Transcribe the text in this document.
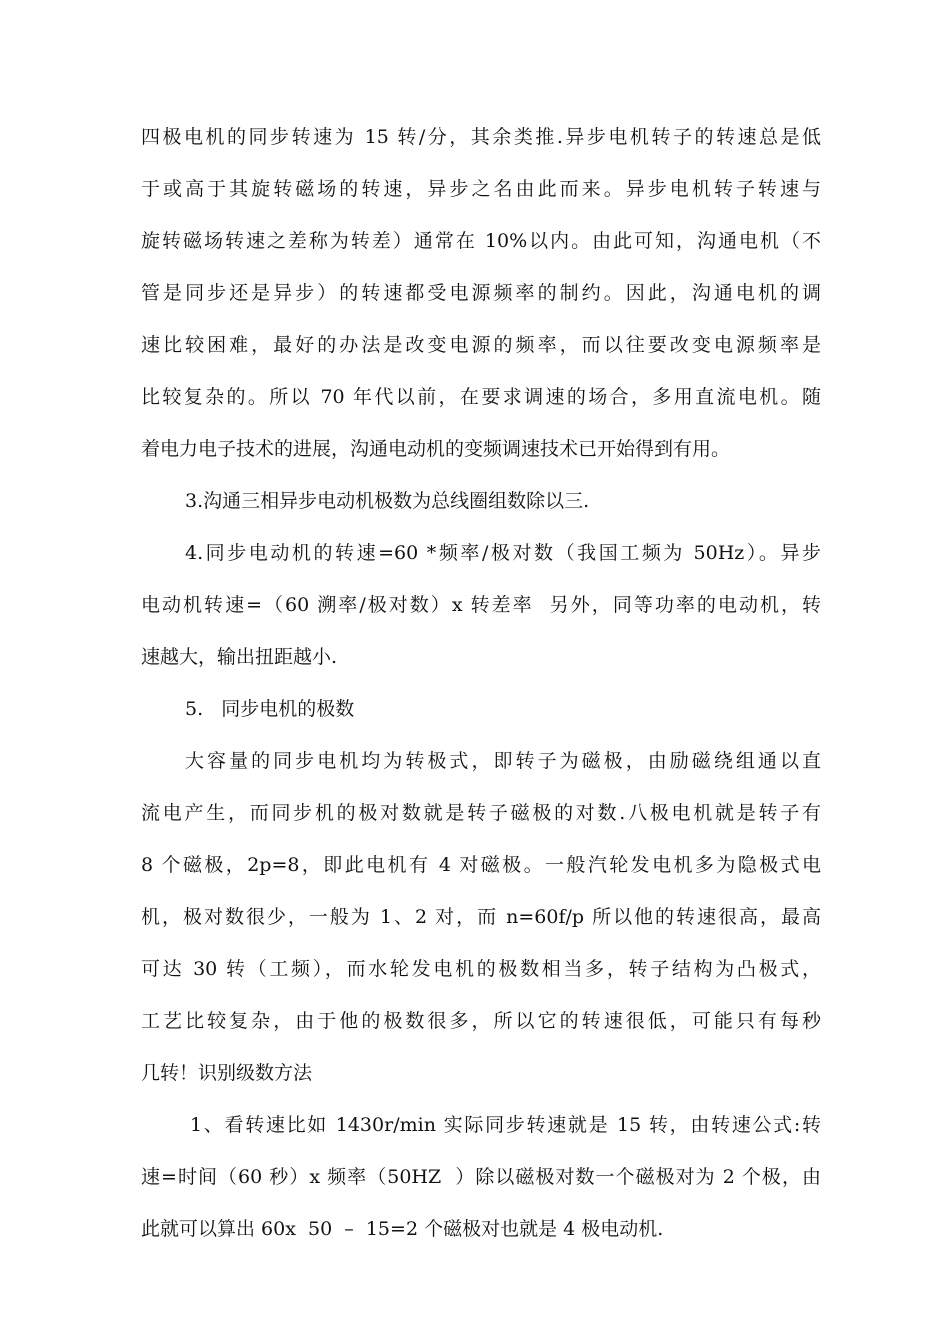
四极电机的同步转速为 15 转/分，其余类推.异步电机转子的转速总是低
于或高于其旋转磁场的转速，异步之名由此而来。异步电机转子转速与
旋转磁场转速之差称为转差）通常在 10%以内。由此可知，沟通电机（不
管是同步还是异步）的转速都受电源频率的制约。因此，沟通电机的调
速比较困难，最好的办法是改变电源的频率，而以往要改变电源频率是
比较复杂的。所以 70 年代以前，在要求调速的场合，多用直流电机。随
着电力电子技术的进展，沟通电动机的变频调速技术已开始得到有用。
3.沟通三相异步电动机极数为总线圈组数除以三.
4.同步电动机的转速=60 *频率/极对数（我国工频为 50Hz）。异步
电动机转速=（60 溯率/极对数）x 转差率  另外，同等功率的电动机，转
速越大，输出扭距越小.
5.   同步电机的极数
大容量的同步电机均为转极式，即转子为磁极，由励磁绕组通以直
流电产生，而同步机的极对数就是转子磁极的对数.八极电机就是转子有
8 个磁极，2p=8，即此电机有 4 对磁极。一般汽轮发电机多为隐极式电
机，极对数很少，一般为 1、2 对，而 n=60f/p 所以他的转速很高，最高
可达 30 转（工频），而水轮发电机的极数相当多，转子结构为凸极式，
工艺比较复杂，由于他的极数很多，所以它的转速很低，可能只有每秒
几转！识别级数方法
1、看转速比如 1430r/min 实际同步转速就是 15 转，由转速公式:转
速=时间（60 秒）x 频率（50HZ  ）除以磁极对数一个磁极对为 2 个极，由
此就可以算出 60x  50  –  15=2 个磁极对也就是 4 极电动机.
